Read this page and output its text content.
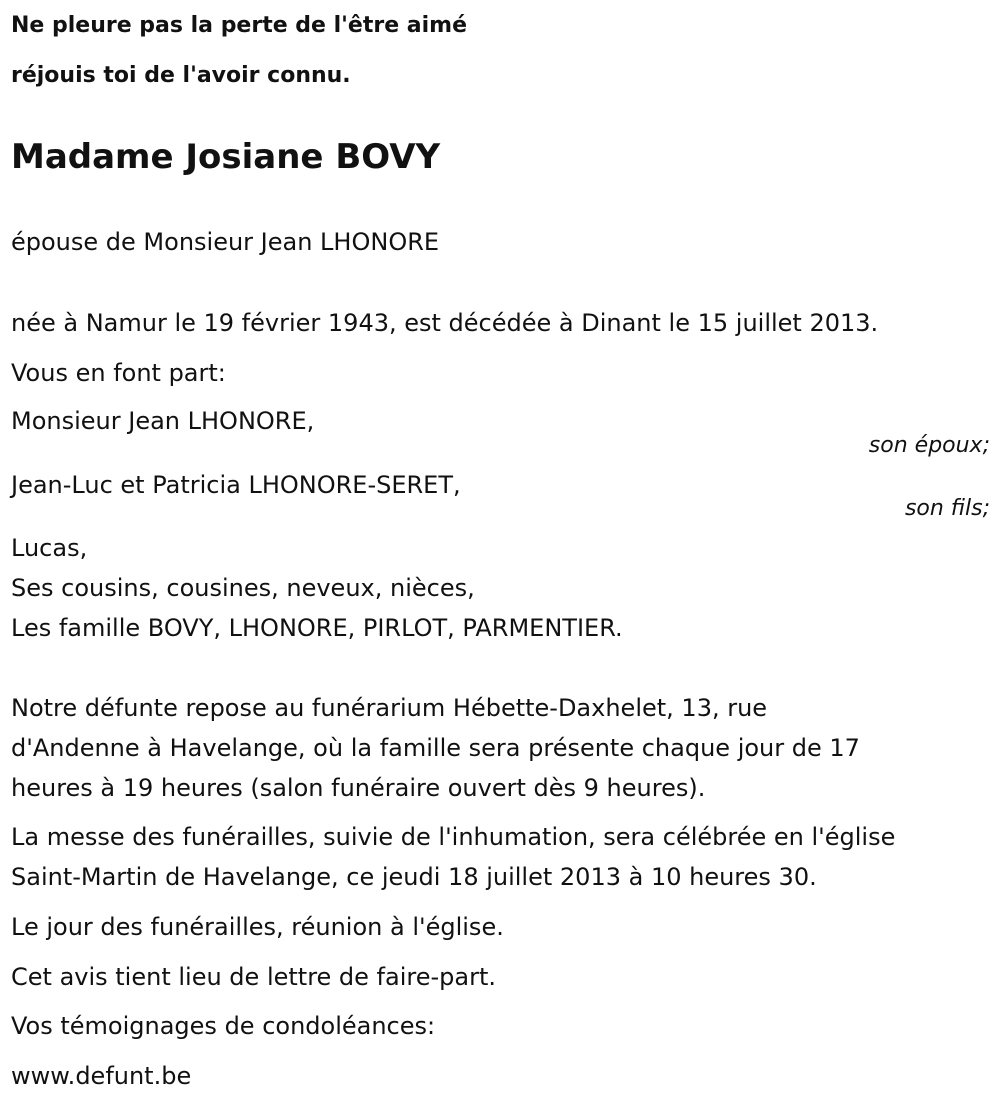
Ne pleure pas la perte de l'être aimé
réjouis toi de l'avoir connu.
Madame Josiane BOVY
épouse de Monsieur Jean LHONORE
née à Namur le 19 février 1943, est décédée à Dinant le 15 juillet 2013.
Vous en font part:
Monsieur Jean LHONORE,
son époux;
Jean-Luc et Patricia LHONORE-SERET,
son fils;
Lucas,
Ses cousins, cousines, neveux, nièces,
Les famille BOVY, LHONORE, PIRLOT, PARMENTIER.
Notre défunte repose au funérarium Hébette-Daxhelet, 13, rue
d'Andenne à Havelange, où la famille sera présente chaque jour de 17
heures à 19 heures (salon funéraire ouvert dès 9 heures).
La messe des funérailles, suivie de l'inhumation, sera célébrée en l'église
Saint-Martin de Havelange, ce jeudi 18 juillet 2013 à 10 heures 30.
Le jour des funérailles, réunion à l'église.
Cet avis tient lieu de lettre de faire-part.
Vos témoignages de condoléances:
www.defunt.be
